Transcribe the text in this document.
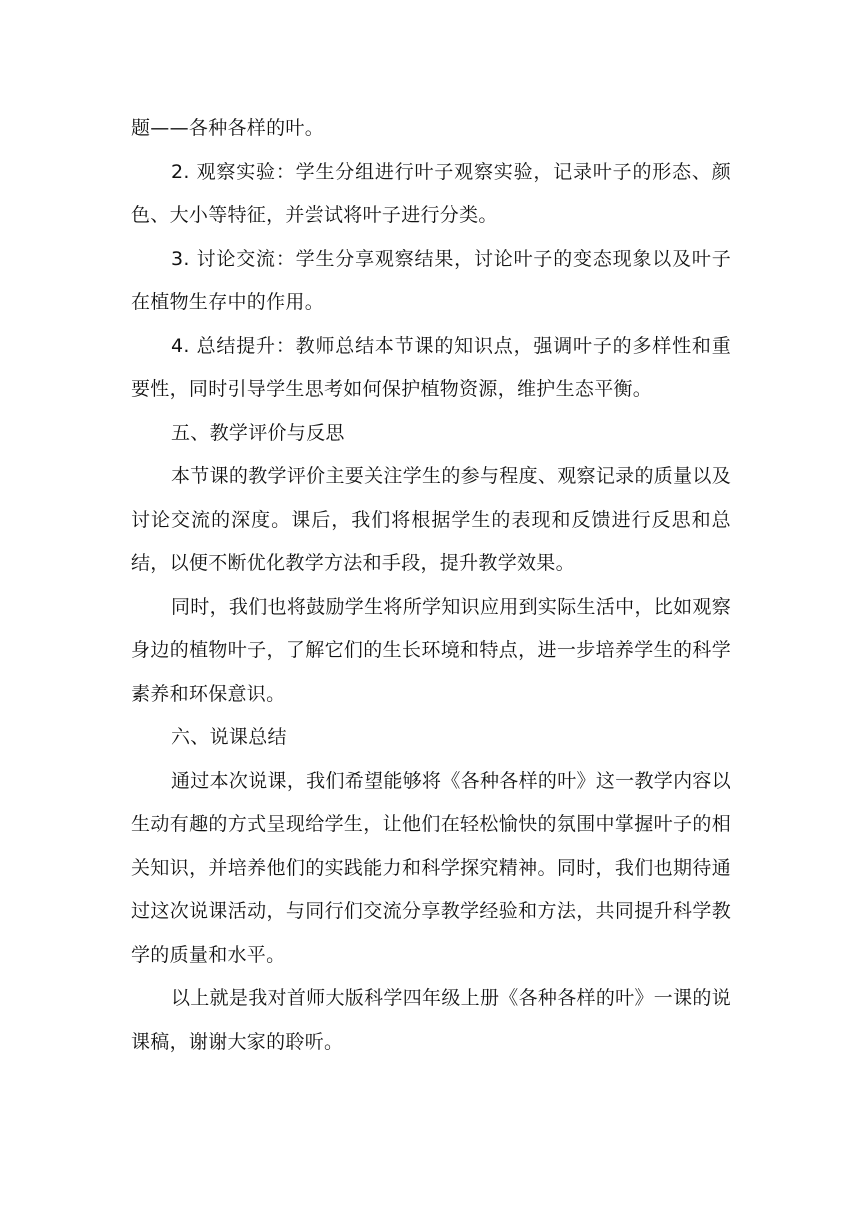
题——各种各样的叶。

2. 观察实验：学生分组进行叶子观察实验，记录叶子的形态、颜色、大小等特征，并尝试将叶子进行分类。

3. 讨论交流：学生分享观察结果，讨论叶子的变态现象以及叶子在植物生存中的作用。

4. 总结提升：教师总结本节课的知识点，强调叶子的多样性和重要性，同时引导学生思考如何保护植物资源，维护生态平衡。

五、教学评价与反思

本节课的教学评价主要关注学生的参与程度、观察记录的质量以及讨论交流的深度。课后，我们将根据学生的表现和反馈进行反思和总结，以便不断优化教学方法和手段，提升教学效果。

同时，我们也将鼓励学生将所学知识应用到实际生活中，比如观察身边的植物叶子，了解它们的生长环境和特点，进一步培养学生的科学素养和环保意识。

六、说课总结

通过本次说课，我们希望能够将《各种各样的叶》这一教学内容以生动有趣的方式呈现给学生，让他们在轻松愉快的氛围中掌握叶子的相关知识，并培养他们的实践能力和科学探究精神。同时，我们也期待通过这次说课活动，与同行们交流分享教学经验和方法，共同提升科学教学的质量和水平。

以上就是我对首师大版科学四年级上册《各种各样的叶》一课的说课稿，谢谢大家的聆听。
